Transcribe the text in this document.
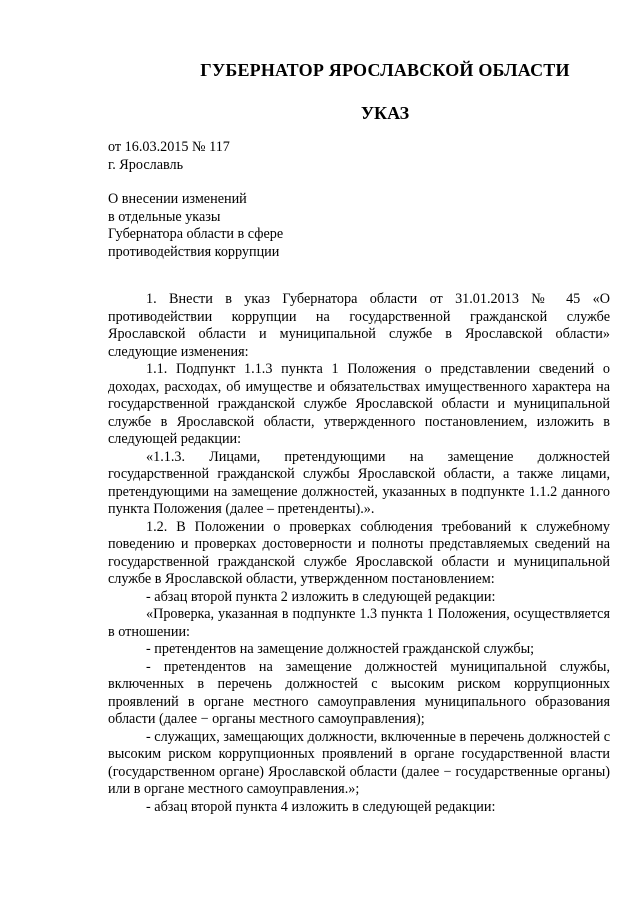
ГУБЕРНАТОР ЯРОСЛАВСКОЙ ОБЛАСТИ
УКАЗ
от 16.03.2015 № 117
г. Ярославль
О внесении изменений
в отдельные указы
Губернатора области в сфере
противодействия коррупции

1. Внести в указ Губернатора области от 31.01.2013 № 45 «О противодействии коррупции на государственной гражданской службе Ярославской области и муниципальной службе в Ярославской области» следующие изменения:

1.1. Подпункт 1.1.3 пункта 1 Положения о представлении сведений о доходах, расходах, об имуществе и обязательствах имущественного характера на государственной гражданской службе Ярославской области и муниципальной службе в Ярославской области, утвержденного постановлением, изложить в следующей редакции:

«1.1.3. Лицами, претендующими на замещение должностей государственной гражданской службы Ярославской области, а также лицами, претендующими на замещение должностей, указанных в подпункте 1.1.2 данного пункта Положения (далее – претенденты).».

1.2. В Положении о проверках соблюдения требований к служебному поведению и проверках достоверности и полноты представляемых сведений на государственной гражданской службе Ярославской области и муниципальной службе в Ярославской области, утвержденном постановлением:

- абзац второй пункта 2 изложить в следующей редакции:

«Проверка, указанная в подпункте 1.3 пункта 1 Положения, осуществляется в отношении:

- претендентов на замещение должностей гражданской службы;

- претендентов на замещение должностей муниципальной службы, включенных в перечень должностей с высоким риском коррупционных проявлений в органе местного самоуправления муниципального образования области (далее − органы местного самоуправления);

- служащих, замещающих должности, включенные в перечень должностей с высоким риском коррупционных проявлений в органе государственной власти (государственном органе) Ярославской области (далее − государственные органы) или в органе местного самоуправления.»;

- абзац второй пункта 4 изложить в следующей редакции:
